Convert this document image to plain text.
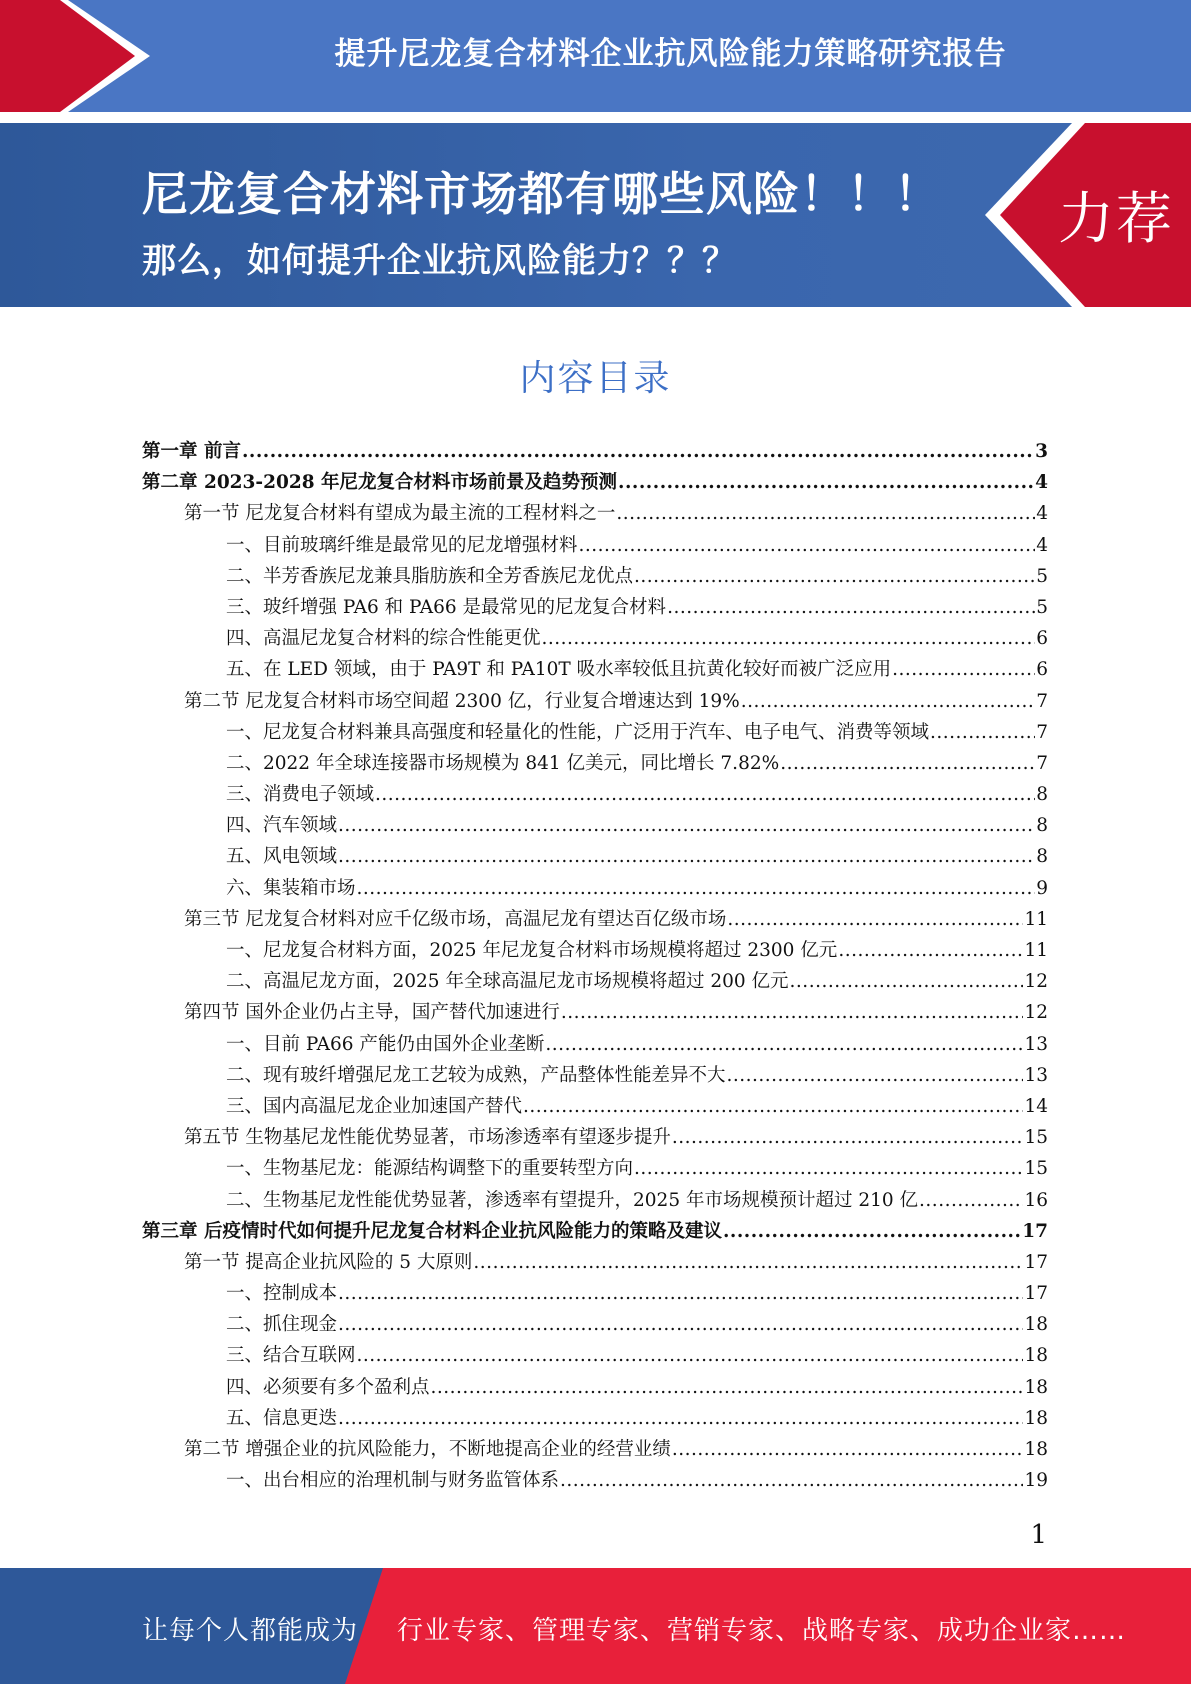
提升尼龙复合材料企业抗风险能力策略研究报告
尼龙复合材料市场都有哪些风险！！！
那么，如何提升企业抗风险能力？？？
力荐
内容目录
第一章 前言 .....	3
第二章 2023-2028 年尼龙复合材料市场前景及趋势预测 .....	4
第一节 尼龙复合材料有望成为最主流的工程材料之一 .....	4
一、目前玻璃纤维是最常见的尼龙增强材料 .....	4
二、半芳香族尼龙兼具脂肪族和全芳香族尼龙优点 .....	5
三、玻纤增强 PA6 和 PA66 是最常见的尼龙复合材料 .....	5
四、高温尼龙复合材料的综合性能更优 .....	6
五、在 LED 领域，由于 PA9T 和 PA10T 吸水率较低且抗黄化较好而被广泛应用 .....	6
第二节 尼龙复合材料市场空间超 2300 亿，行业复合增速达到 19% .....	7
一、尼龙复合材料兼具高强度和轻量化的性能，广泛用于汽车、电子电气、消费等领域 .....	7
二、2022 年全球连接器市场规模为 841 亿美元，同比增长 7.82% .....	7
三、消费电子领域 .....	8
四、汽车领域 .....	8
五、风电领域 .....	8
六、集装箱市场 .....	9
第三节 尼龙复合材料对应千亿级市场，高温尼龙有望达百亿级市场 .....	11
一、尼龙复合材料方面，2025 年尼龙复合材料市场规模将超过 2300 亿元 .....	11
二、高温尼龙方面，2025 年全球高温尼龙市场规模将超过 200 亿元 .....	12
第四节 国外企业仍占主导，国产替代加速进行 .....	12
一、目前 PA66 产能仍由国外企业垄断 .....	13
二、现有玻纤增强尼龙工艺较为成熟，产品整体性能差异不大 .....	13
三、国内高温尼龙企业加速国产替代 .....	14
第五节 生物基尼龙性能优势显著，市场渗透率有望逐步提升 .....	15
一、生物基尼龙：能源结构调整下的重要转型方向 .....	15
二、生物基尼龙性能优势显著，渗透率有望提升，2025 年市场规模预计超过 210 亿 .....	16
第三章 后疫情时代如何提升尼龙复合材料企业抗风险能力的策略及建议 .....	17
第一节 提高企业抗风险的 5 大原则 .....	17
一、控制成本 .....	17
二、抓住现金 .....	18
三、结合互联网 .....	18
四、必须要有多个盈利点 .....	18
五、信息更迭 .....	18
第二节 增强企业的抗风险能力，不断地提高企业的经营业绩 .....	18
一、出台相应的治理机制与财务监管体系 .....	19
1
让每个人都能成为 行业专家、管理专家、营销专家、战略专家、成功企业家……
